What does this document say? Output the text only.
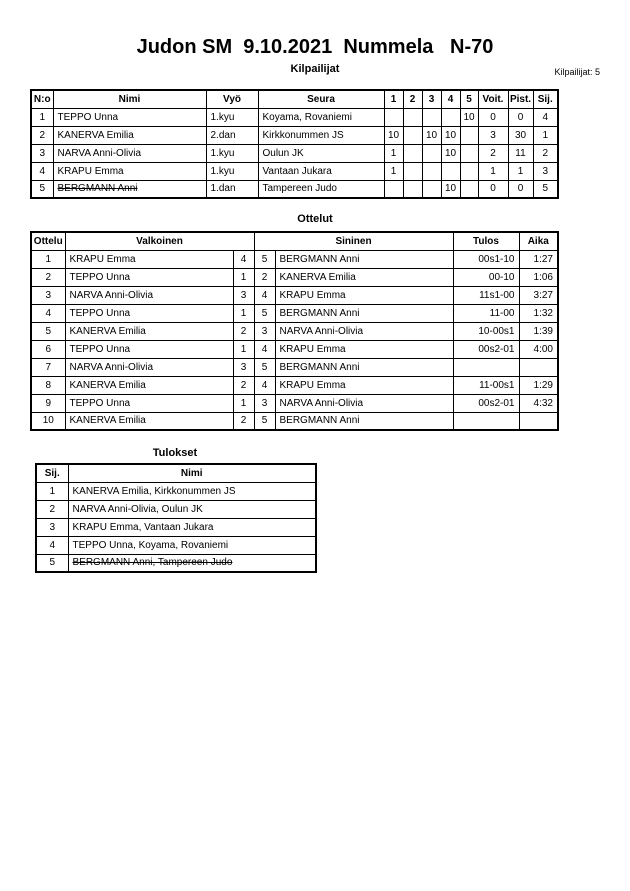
Judon SM  9.10.2021  Nummela   N-70
Kilpailijat	Kilpailijat: 5
N:o	Nimi	Vyö	Seura	1	2	3	4	5	Voit.	Pist.	Sij.
1	TEPPO Unna	1.kyu	Koyama, Rovaniemi					10	0	0	4
2	KANERVA Emilia	2.dan	Kirkkonummen JS	10		10	10		3	30	1
3	NARVA Anni-Olivia	1.kyu	Oulun JK	1			10		2	11	2
4	KRAPU Emma	1.kyu	Vantaan Jukara	1					1	1	3
5	BERGMANN Anni	1.dan	Tampereen Judo				10		0	0	5
Ottelut
Ottelu	Valkoinen		Sininen		Tulos	Aika
1	KRAPU Emma	4	5	BERGMANN Anni	00s1-10	1:27
2	TEPPO Unna	1	2	KANERVA Emilia	00-10	1:06
3	NARVA Anni-Olivia	3	4	KRAPU Emma	11s1-00	3:27
4	TEPPO Unna	1	5	BERGMANN Anni	11-00	1:32
5	KANERVA Emilia	2	3	NARVA Anni-Olivia	10-00s1	1:39
6	TEPPO Unna	1	4	KRAPU Emma	00s2-01	4:00
7	NARVA Anni-Olivia	3	5	BERGMANN Anni		
8	KANERVA Emilia	2	4	KRAPU Emma	11-00s1	1:29
9	TEPPO Unna	1	3	NARVA Anni-Olivia	00s2-01	4:32
10	KANERVA Emilia	2	5	BERGMANN Anni		
Tulokset
Sij.	Nimi
1	KANERVA Emilia, Kirkkonummen JS
2	NARVA Anni-Olivia, Oulun JK
3	KRAPU Emma, Vantaan Jukara
4	TEPPO Unna, Koyama, Rovaniemi
5	BERGMANN Anni, Tampereen Judo
